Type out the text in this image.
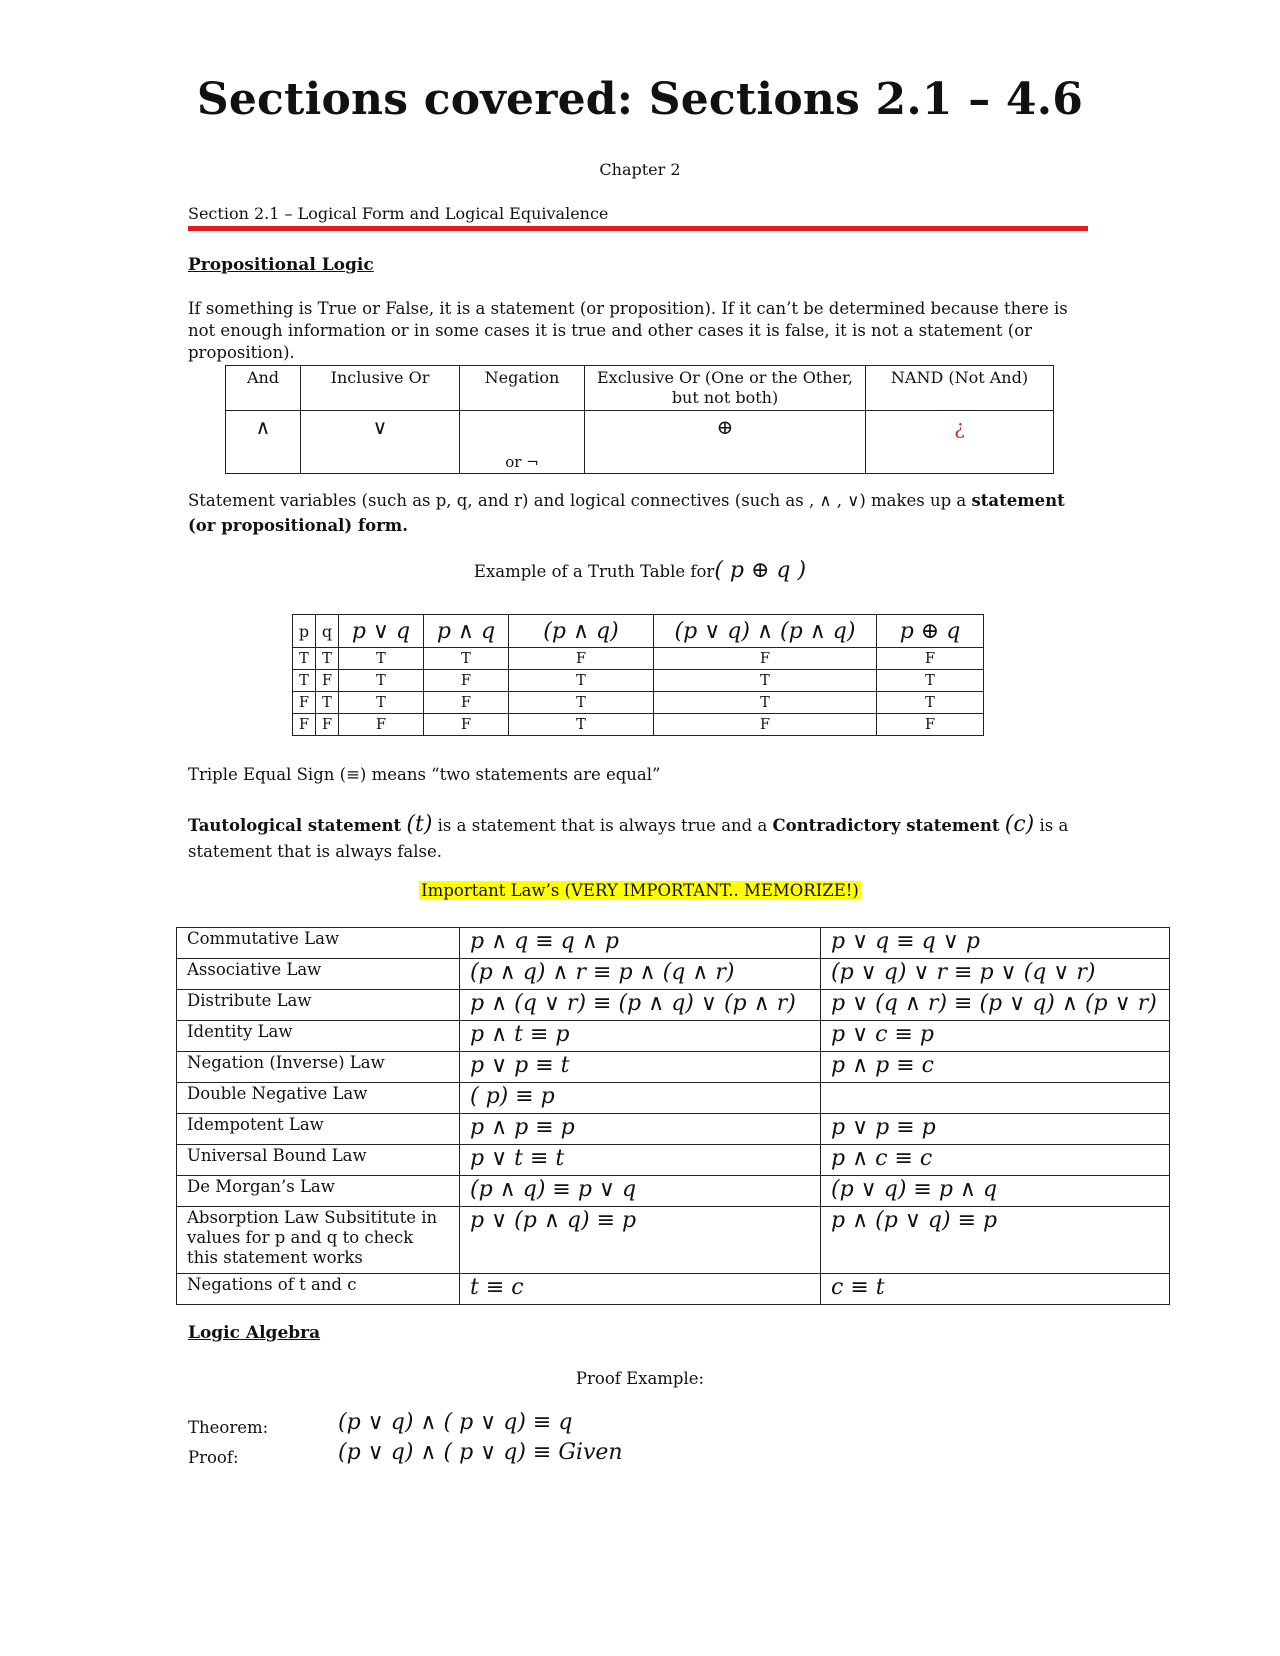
Sections covered: Sections 2.1 – 4.6
Chapter 2
Section 2.1 – Logical Form and Logical Equivalence
Propositional Logic
If something is True or False, it is a statement (or proposition). If it can’t be determined because there is not enough information or in some cases it is true and other cases it is false, it is not a statement (or proposition).
And	Inclusive Or	Negation	Exclusive Or (One or the Other, but not both)	NAND (Not And)
∧	∨	or ¬	⊕	¿
Statement variables (such as p, q, and r) and logical connectives (such as , ∧ , ∨) makes up a statement (or propositional) form.
Example of a Truth Table for( p ⊕ q )
p	q	p ∨ q	p ∧ q	(p ∧ q)	(p ∨ q) ∧ (p ∧ q)	p ⊕ q
T	T	T	T	F	F	F
T	F	T	F	T	T	T
F	T	T	F	T	T	T
F	F	F	F	T	F	F
Triple Equal Sign (≡) means “two statements are equal”
Tautological statement (t) is a statement that is always true and a Contradictory statement (c) is a statement that is always false.
Important Law’s (VERY IMPORTANT.. MEMORIZE!)
Commutative Law	p ∧ q ≡ q ∧ p	p ∨ q ≡ q ∨ p
Associative Law	(p ∧ q) ∧ r ≡ p ∧ (q ∧ r)	(p ∨ q) ∨ r ≡ p ∨ (q ∨ r)
Distribute Law	p ∧ (q ∨ r) ≡ (p ∧ q) ∨ (p ∧ r)	p ∨ (q ∧ r) ≡ (p ∨ q) ∧ (p ∨ r)
Identity Law	p ∧ t ≡ p	p ∨ c ≡ p
Negation (Inverse) Law	p ∨ p ≡ t	p ∧ p ≡ c
Double Negative Law	( p) ≡ p	
Idempotent Law	p ∧ p ≡ p	p ∨ p ≡ p
Universal Bound Law	p ∨ t ≡ t	p ∧ c ≡ c
De Morgan’s Law	(p ∧ q) ≡ p ∨ q	(p ∨ q) ≡ p ∧ q
Absorption Law Subsititute in values for p and q to check this statement works	p ∨ (p ∧ q) ≡ p	p ∧ (p ∨ q) ≡ p
Negations of t and c	t ≡ c	c ≡ t
Logic Algebra
Proof Example:
Theorem:	(p ∨ q) ∧ ( p ∨ q) ≡ q
Proof:	(p ∨ q) ∧ ( p ∨ q) ≡ Given
